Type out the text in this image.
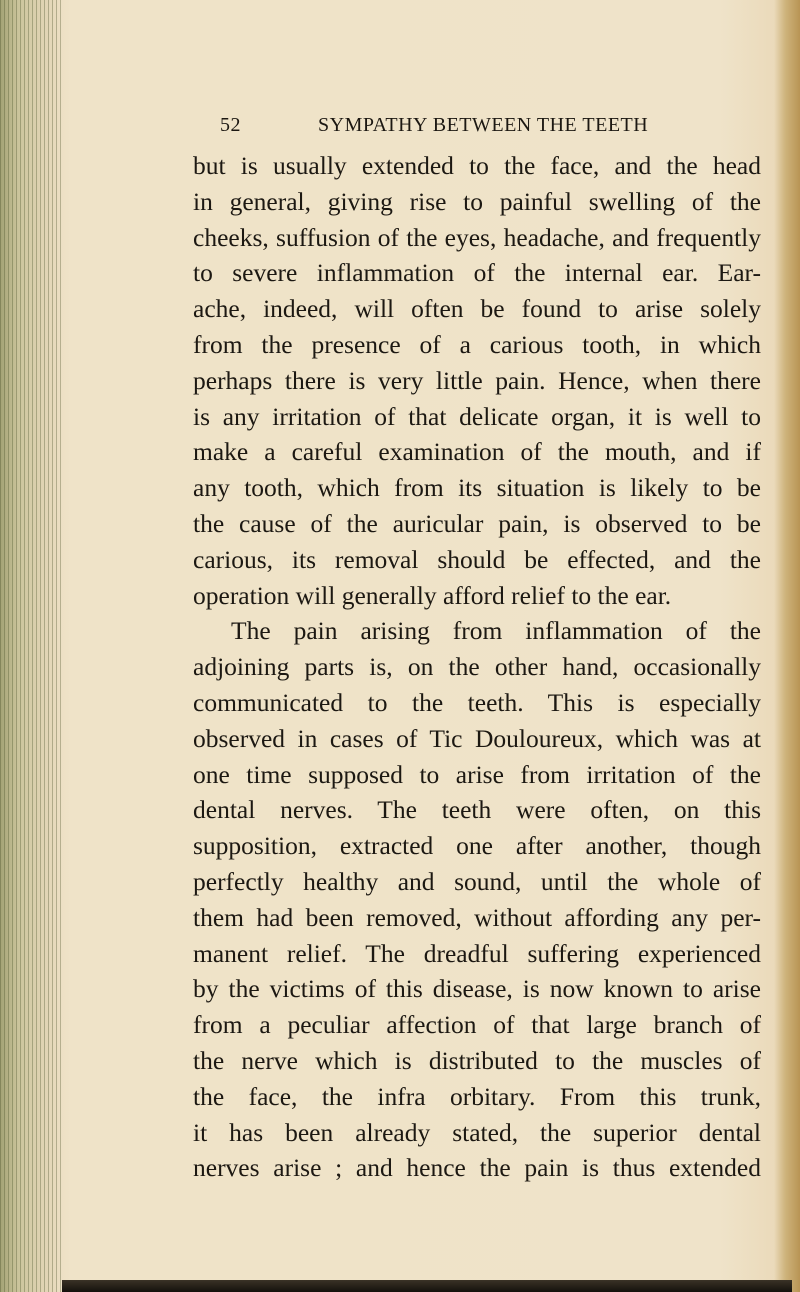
52	SYMPATHY BETWEEN THE TEETH
but is usually extended to the face, and the head
in general, giving rise to painful swelling of the
cheeks, suffusion of the eyes, headache, and frequently
to severe inflammation of the internal ear. Ear-
ache, indeed, will often be found to arise solely
from the presence of a carious tooth, in which
perhaps there is very little pain. Hence, when there
is any irritation of that delicate organ, it is well to
make a careful examination of the mouth, and if
any tooth, which from its situation is likely to be
the cause of the auricular pain, is observed to be
carious, its removal should be effected, and the
operation will generally afford relief to the ear.
The pain arising from inflammation of the
adjoining parts is, on the other hand, occasionally
communicated to the teeth. This is especially
observed in cases of Tic Douloureux, which was at
one time supposed to arise from irritation of the
dental nerves. The teeth were often, on this
supposition, extracted one after another, though
perfectly healthy and sound, until the whole of
them had been removed, without affording any per-
manent relief. The dreadful suffering experienced
by the victims of this disease, is now known to arise
from a peculiar affection of that large branch of
the nerve which is distributed to the muscles of
the face, the infra orbitary. From this trunk,
it has been already stated, the superior dental
nerves arise ; and hence the pain is thus extended
